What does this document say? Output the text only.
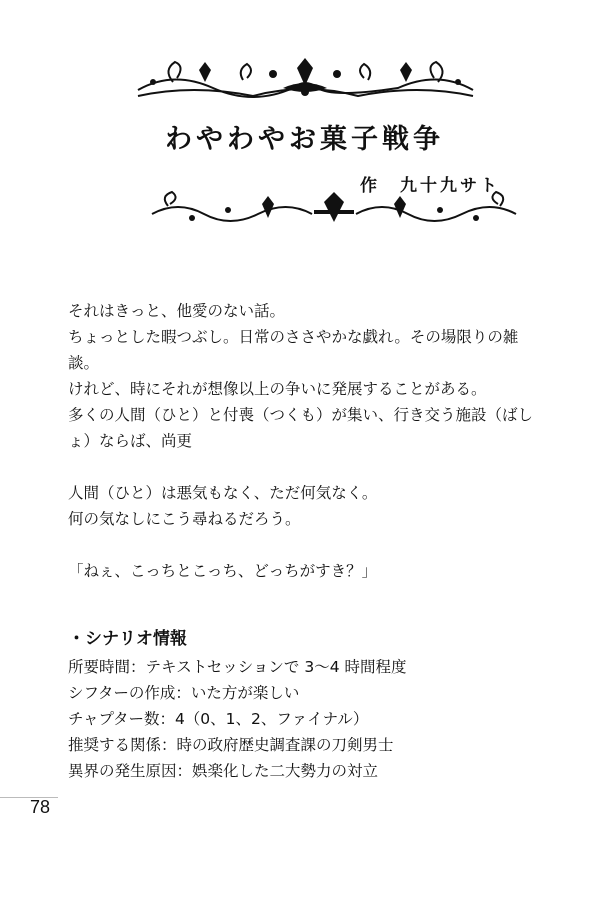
わやわやお菓子戦争
作　九十九サト
それはきっと、他愛のない話。
ちょっとした暇つぶし。日常のささやかな戯れ。その場限りの雑
談。
けれど、時にそれが想像以上の争いに発展することがある。
多くの人間（ひと）と付喪（つくも）が集い、行き交う施設（ばし
ょ）ならば、尚更
人間（ひと）は悪気もなく、ただ何気なく。
何の気なしにこう尋ねるだろう。
「ねぇ、こっちとこっち、どっちがすき？」
・シナリオ情報
所要時間：テキストセッションで 3～4 時間程度
シフターの作成：いた方が楽しい
チャプター数：4（0、1、2、ファイナル）
推奨する関係：時の政府歴史調査課の刀剣男士
異界の発生原因：娯楽化した二大勢力の対立
78
